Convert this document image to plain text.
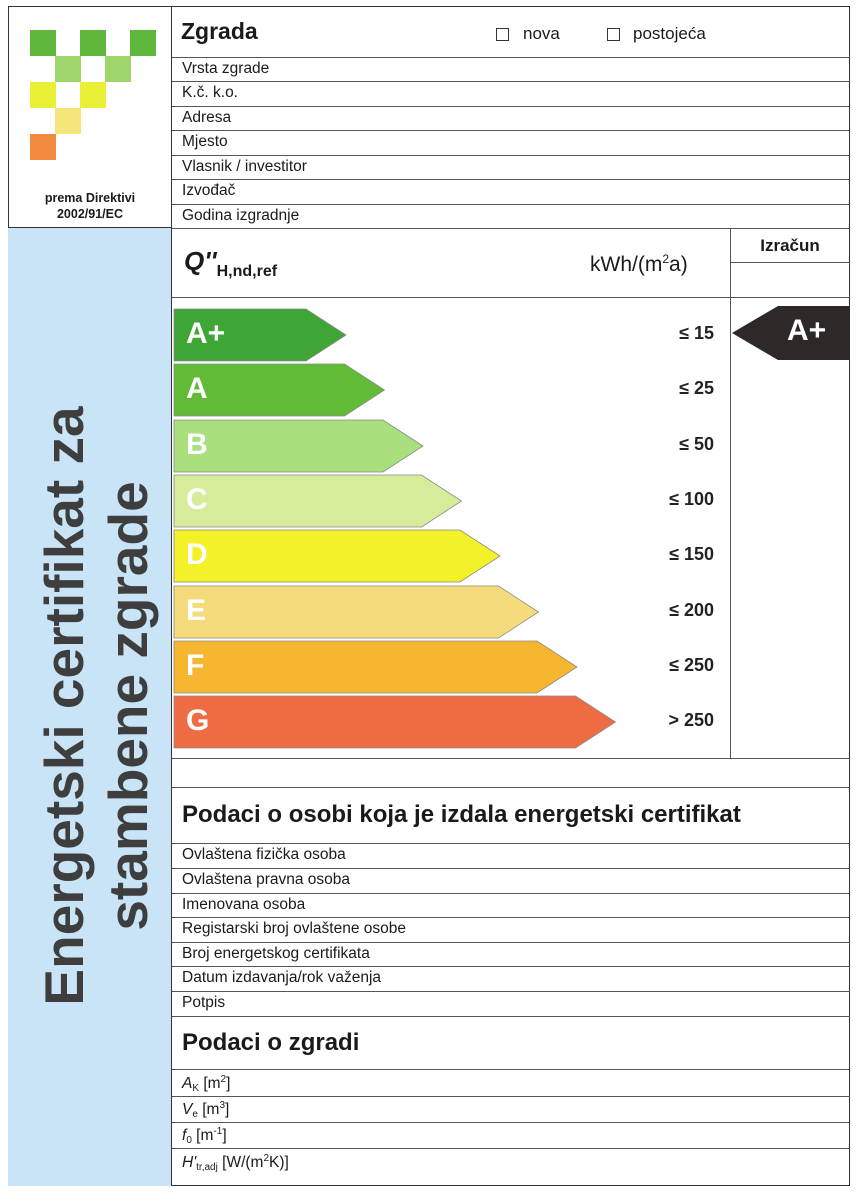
prema Direktivi
2002/91/EC
Zgrada	nova	postojeća
Vrsta zgrade
K.č. k.o.
Adresa
Mjesto
Vlasnik / investitor
Izvođač
Godina izgradnje
Energetski certifikat za stambene zgrade
$Q''_{H,nd,ref}$	kWh/$(m^2a)$
Izračun
A+	≤ 15
A	≤ 25
B	≤ 50
C	≤ 100
D	≤ 150
E	≤ 200
F	≤ 250
G	> 250
A+
Podaci o osobi koja je izdala energetski certifikat
Ovlaštena fizička osoba
Ovlaštena pravna osoba
Imenovana osoba
Registarski broj ovlaštene osobe
Broj energetskog certifikata
Datum izdavanja/rok važenja
Potpis
Podaci o zgradi
AK $[m^2]$
Ve $[m^3]$
f0 $[m^{-1}]$
H'tr,adj $[W/(m^2K)]$
